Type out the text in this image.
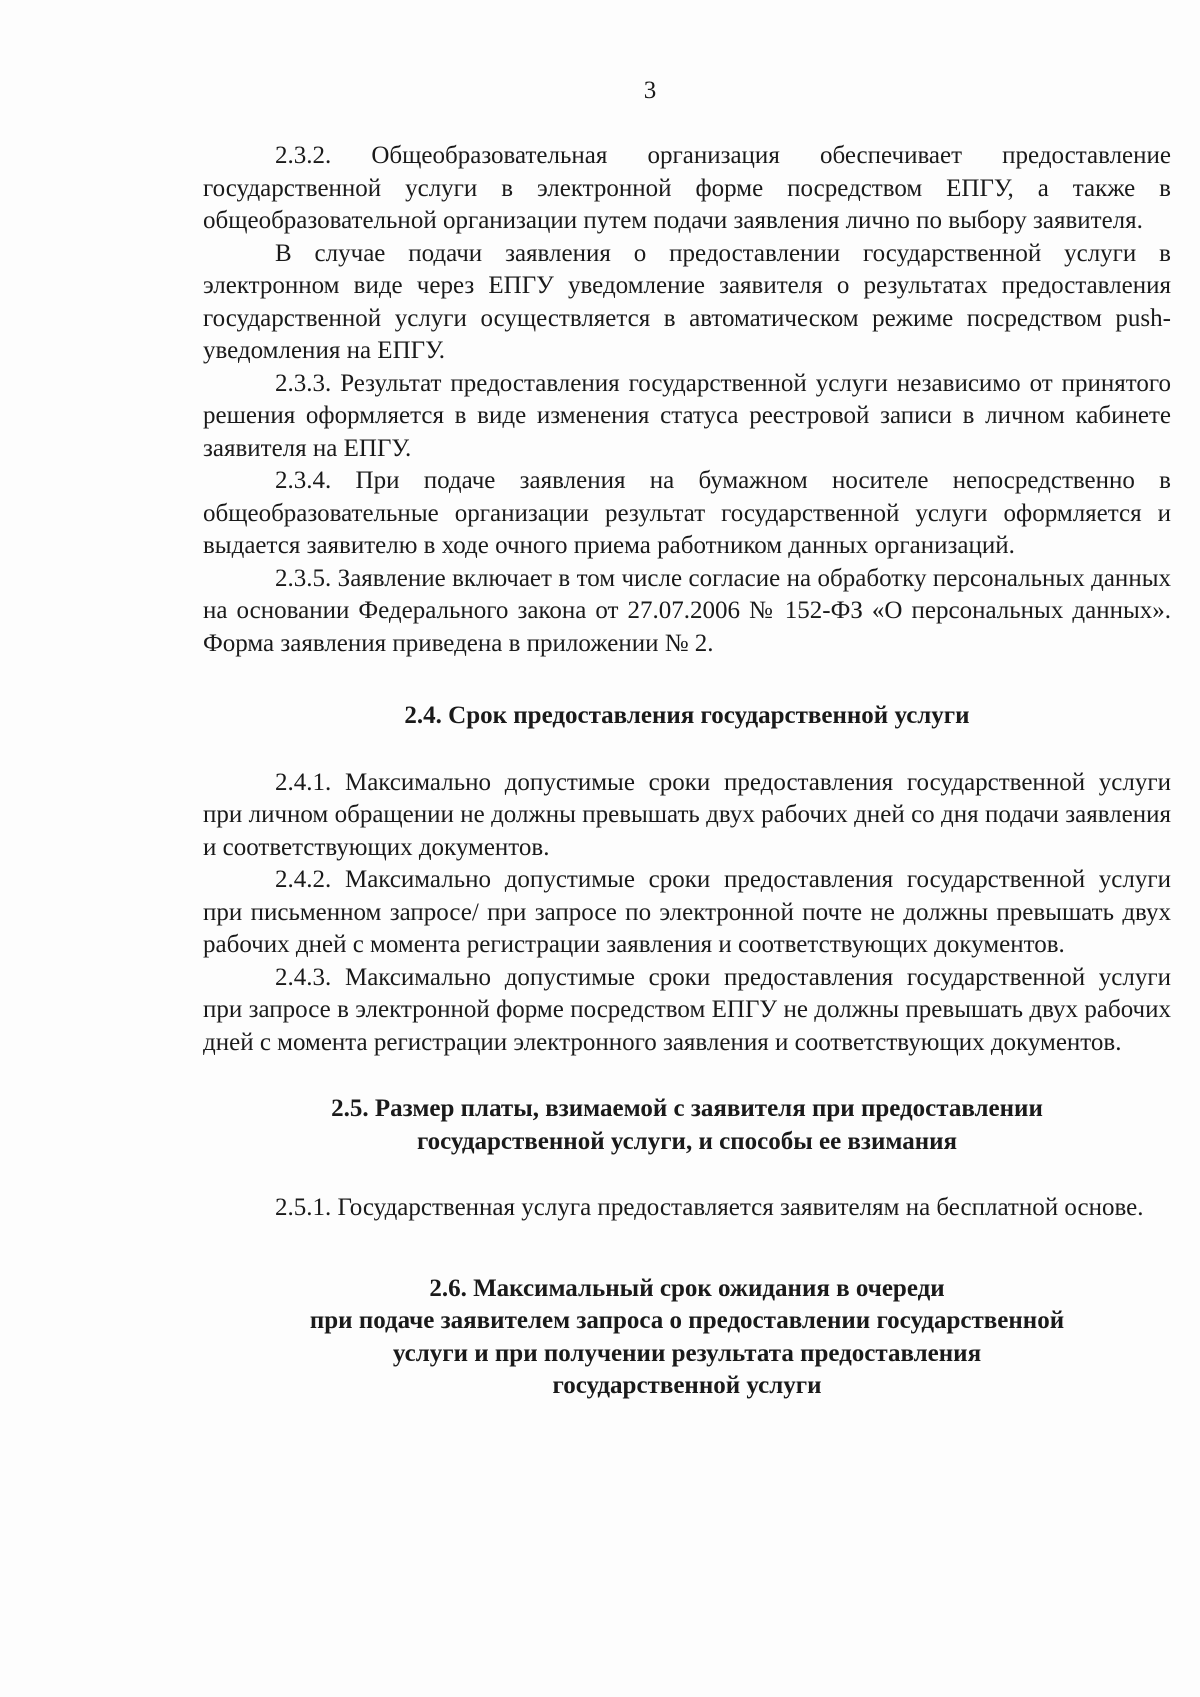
3

2.3.2. Общеобразовательная организация обеспечивает предоставление государственной услуги в электронной форме посредством ЕПГУ, а также в общеобразовательной организации путем подачи заявления лично по выбору заявителя.

В случае подачи заявления о предоставлении государственной услуги в электронном виде через ЕПГУ уведомление заявителя о результатах предоставления государственной услуги осуществляется в автоматическом режиме посредством push-уведомления на ЕПГУ.

2.3.3. Результат предоставления государственной услуги независимо от принятого решения оформляется в виде изменения статуса реестровой записи в личном кабинете заявителя на ЕПГУ.

2.3.4. При подаче заявления на бумажном носителе непосредственно в общеобразовательные организации результат государственной услуги оформляется и выдается заявителю в ходе очного приема работником данных организаций.

2.3.5. Заявление включает в том числе согласие на обработку персональных данных на основании Федерального закона от 27.07.2006 № 152-ФЗ «О персональных данных». Форма заявления приведена в приложении № 2.

2.4. Срок предоставления государственной услуги

2.4.1. Максимально допустимые сроки предоставления государственной услуги при личном обращении не должны превышать двух рабочих дней со дня подачи заявления и соответствующих документов.

2.4.2. Максимально допустимые сроки предоставления государственной услуги при письменном запросе/ при запросе по электронной почте не должны превышать двух рабочих дней с момента регистрации заявления и соответствующих документов.

2.4.3. Максимально допустимые сроки предоставления государственной услуги при запросе в электронной форме посредством ЕПГУ не должны превышать двух рабочих дней с момента регистрации электронного заявления и соответствующих документов.

2.5. Размер платы, взимаемой с заявителя при предоставлении
государственной услуги, и способы ее взимания

2.5.1. Государственная услуга предоставляется заявителям на бесплатной основе.

2.6. Максимальный срок ожидания в очереди
при подаче заявителем запроса о предоставлении государственной
услуги и при получении результата предоставления
государственной услуги
